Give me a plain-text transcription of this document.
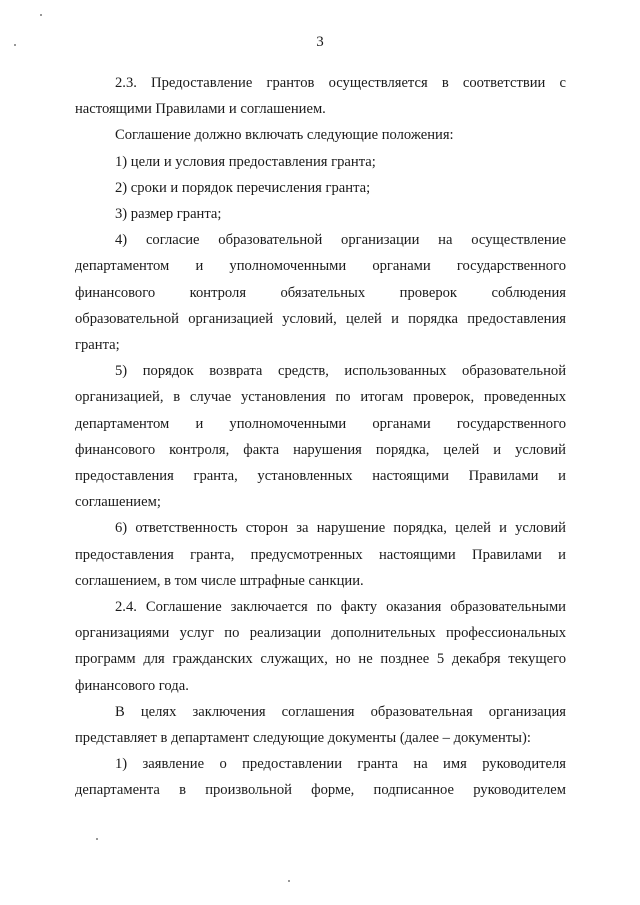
3

2.3. Предоставление грантов осуществляется в соответствии с

настоящими Правилами и соглашением.

Соглашение должно включать следующие положения:

1) цели и условия предоставления гранта;

2) сроки и порядок перечисления гранта;

3) размер гранта;

4) согласие образовательной организации на осуществление

департаментом и уполномоченными органами государственного

финансового контроля обязательных проверок соблюдения

образовательной организацией условий, целей и порядка предоставления

гранта;

5) порядок возврата средств, использованных образовательной

организацией, в случае установления по итогам проверок, проведенных

департаментом и уполномоченными органами государственного

финансового контроля, факта нарушения порядка, целей и условий

предоставления гранта, установленных настоящими Правилами и

соглашением;

6) ответственность сторон за нарушение порядка, целей и условий

предоставления гранта, предусмотренных настоящими Правилами и

соглашением, в том числе штрафные санкции.

2.4. Соглашение заключается по факту оказания образовательными

организациями услуг по реализации дополнительных профессиональных

программ для гражданских служащих, но не позднее 5 декабря текущего

финансового года.

В целях заключения соглашения образовательная организация

представляет в департамент следующие документы (далее – документы):

1) заявление о предоставлении гранта на имя руководителя

департамента в произвольной форме, подписанное руководителем
